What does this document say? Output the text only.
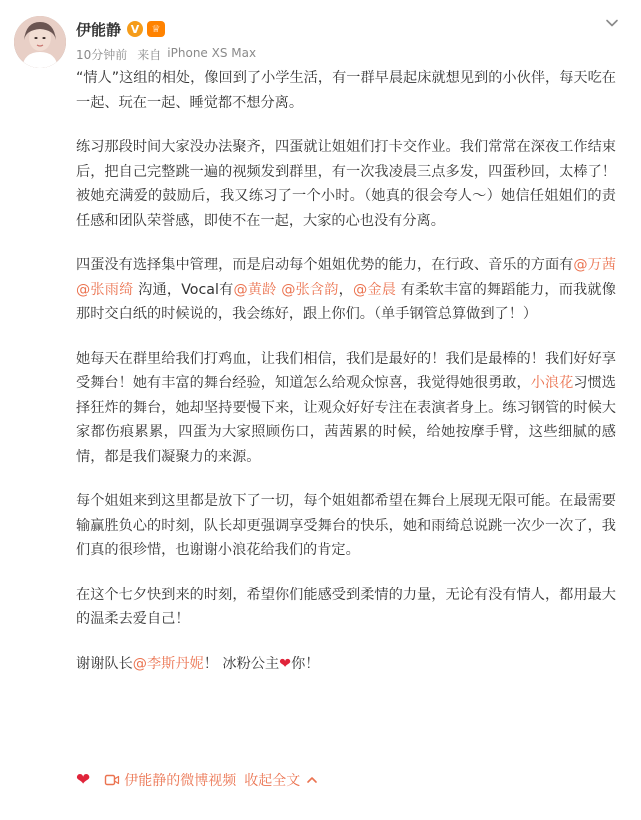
伊能静 V	♕
10分钟前 来自 iPhone XS Max

“情人”这组的相处，像回到了小学生活，有一群早晨起床就想见到的小伙伴，每天吃在一起、玩在一起、睡觉都不想分离。

练习那段时间大家没办法聚齐，四蛋就让姐姐们打卡交作业。我们常常在深夜工作结束后，把自己完整跳一遍的视频发到群里，有一次我凌晨三点多发，四蛋秒回，太棒了！被她充满爱的鼓励后，我又练习了一个小时。（她真的很会夸人～）她信任姐姐们的责任感和团队荣誉感，即使不在一起，大家的心也没有分离。

四蛋没有选择集中管理，而是启动每个姐姐优势的能力，在行政、音乐的方面有@万茜 @张雨绮 沟通，Vocal有@黄龄 @张含韵，@金晨 有柔软丰富的舞蹈能力，而我就像那时交白纸的时候说的，我会练好，跟上你们。（单手钢管总算做到了！）

她每天在群里给我们打鸡血，让我们相信，我们是最好的！我们是最棒的！我们好好享受舞台！她有丰富的舞台经验，知道怎么给观众惊喜，我觉得她很勇敢，小浪花习惯选择狂炸的舞台，她却坚持要慢下来，让观众好好专注在表演者身上。练习钢管的时候大家都伤痕累累，四蛋为大家照顾伤口，茜茜累的时候，给她按摩手臂，这些细腻的感情，都是我们凝聚力的来源。

每个姐姐来到这里都是放下了一切，每个姐姐都希望在舞台上展现无限可能。在最需要输赢胜负心的时刻，队长却更强调享受舞台的快乐，她和雨绮总说跳一次少一次了，我们真的很珍惜，也谢谢小浪花给我们的肯定。

在这个七夕快到来的时刻，希望你们能感受到柔情的力量，无论有没有情人，都用最大的温柔去爱自己！

谢谢队长@李斯丹妮！ 冰粉公主❤你！

❤ 伊能静的微博视频 收起全文
